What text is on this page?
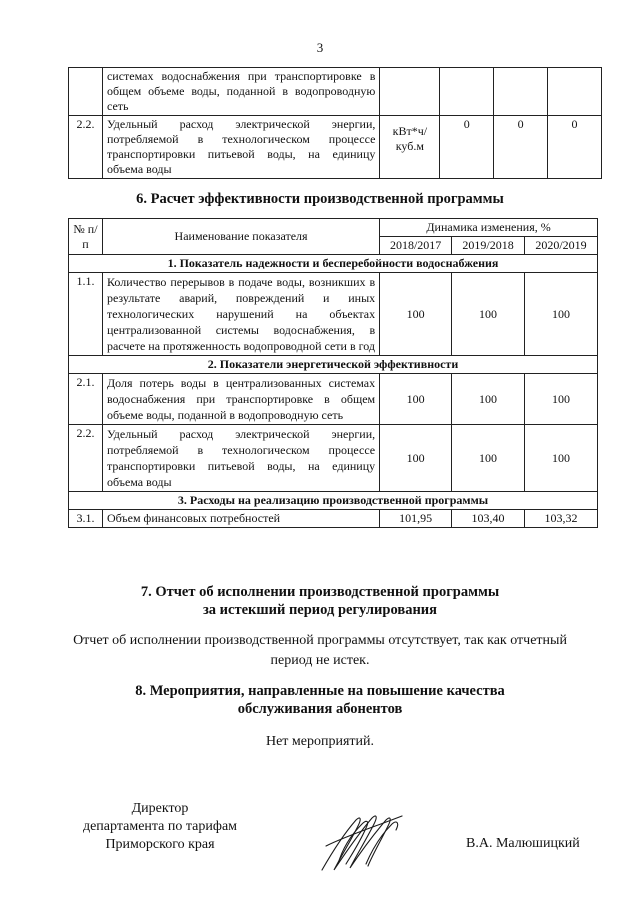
3
	системах водоснабжения при транспортировке в общем объеме воды, поданной в водопроводную сеть				
2.2.	Удельный расход электрической энергии, потребляемой в технологическом процессе транспортировки питьевой воды, на единицу объема воды	кВт*ч/куб.м	0	0	0
6. Расчет эффективности производственной программы
№ п/п	Наименование показателя	Динамика изменения, %		
		2018/2017	2019/2018	2020/2019
1. Показатель надежности и бесперебойности водоснабжения				
1.1.	Количество перерывов в подаче воды, возникших в результате аварий, повреждений и иных технологических нарушений на объектах централизованной системы водоснабжения, в расчете на протяженность водопроводной сети в год	100	100	100
2. Показатели энергетической эффективности				
2.1.	Доля потерь воды в централизованных системах водоснабжения при транспортировке в общем объеме воды, поданной в водопроводную сеть	100	100	100
2.2.	Удельный расход электрической энергии, потребляемой в технологическом процессе транспортировки питьевой воды, на единицу объема воды	100	100	100
3. Расходы на реализацию производственной программы				
3.1.	Объем финансовых потребностей	101,95	103,40	103,32
7. Отчет об исполнении производственной программы
за истекший период регулирования

Отчет об исполнении производственной программы отсутствует, так как отчетный период не истек.

8. Мероприятия, направленные на повышение качества
обслуживания абонентов

Нет мероприятий.

Директор
департамента по тарифам
Приморского края	В.А. Малюшицкий
